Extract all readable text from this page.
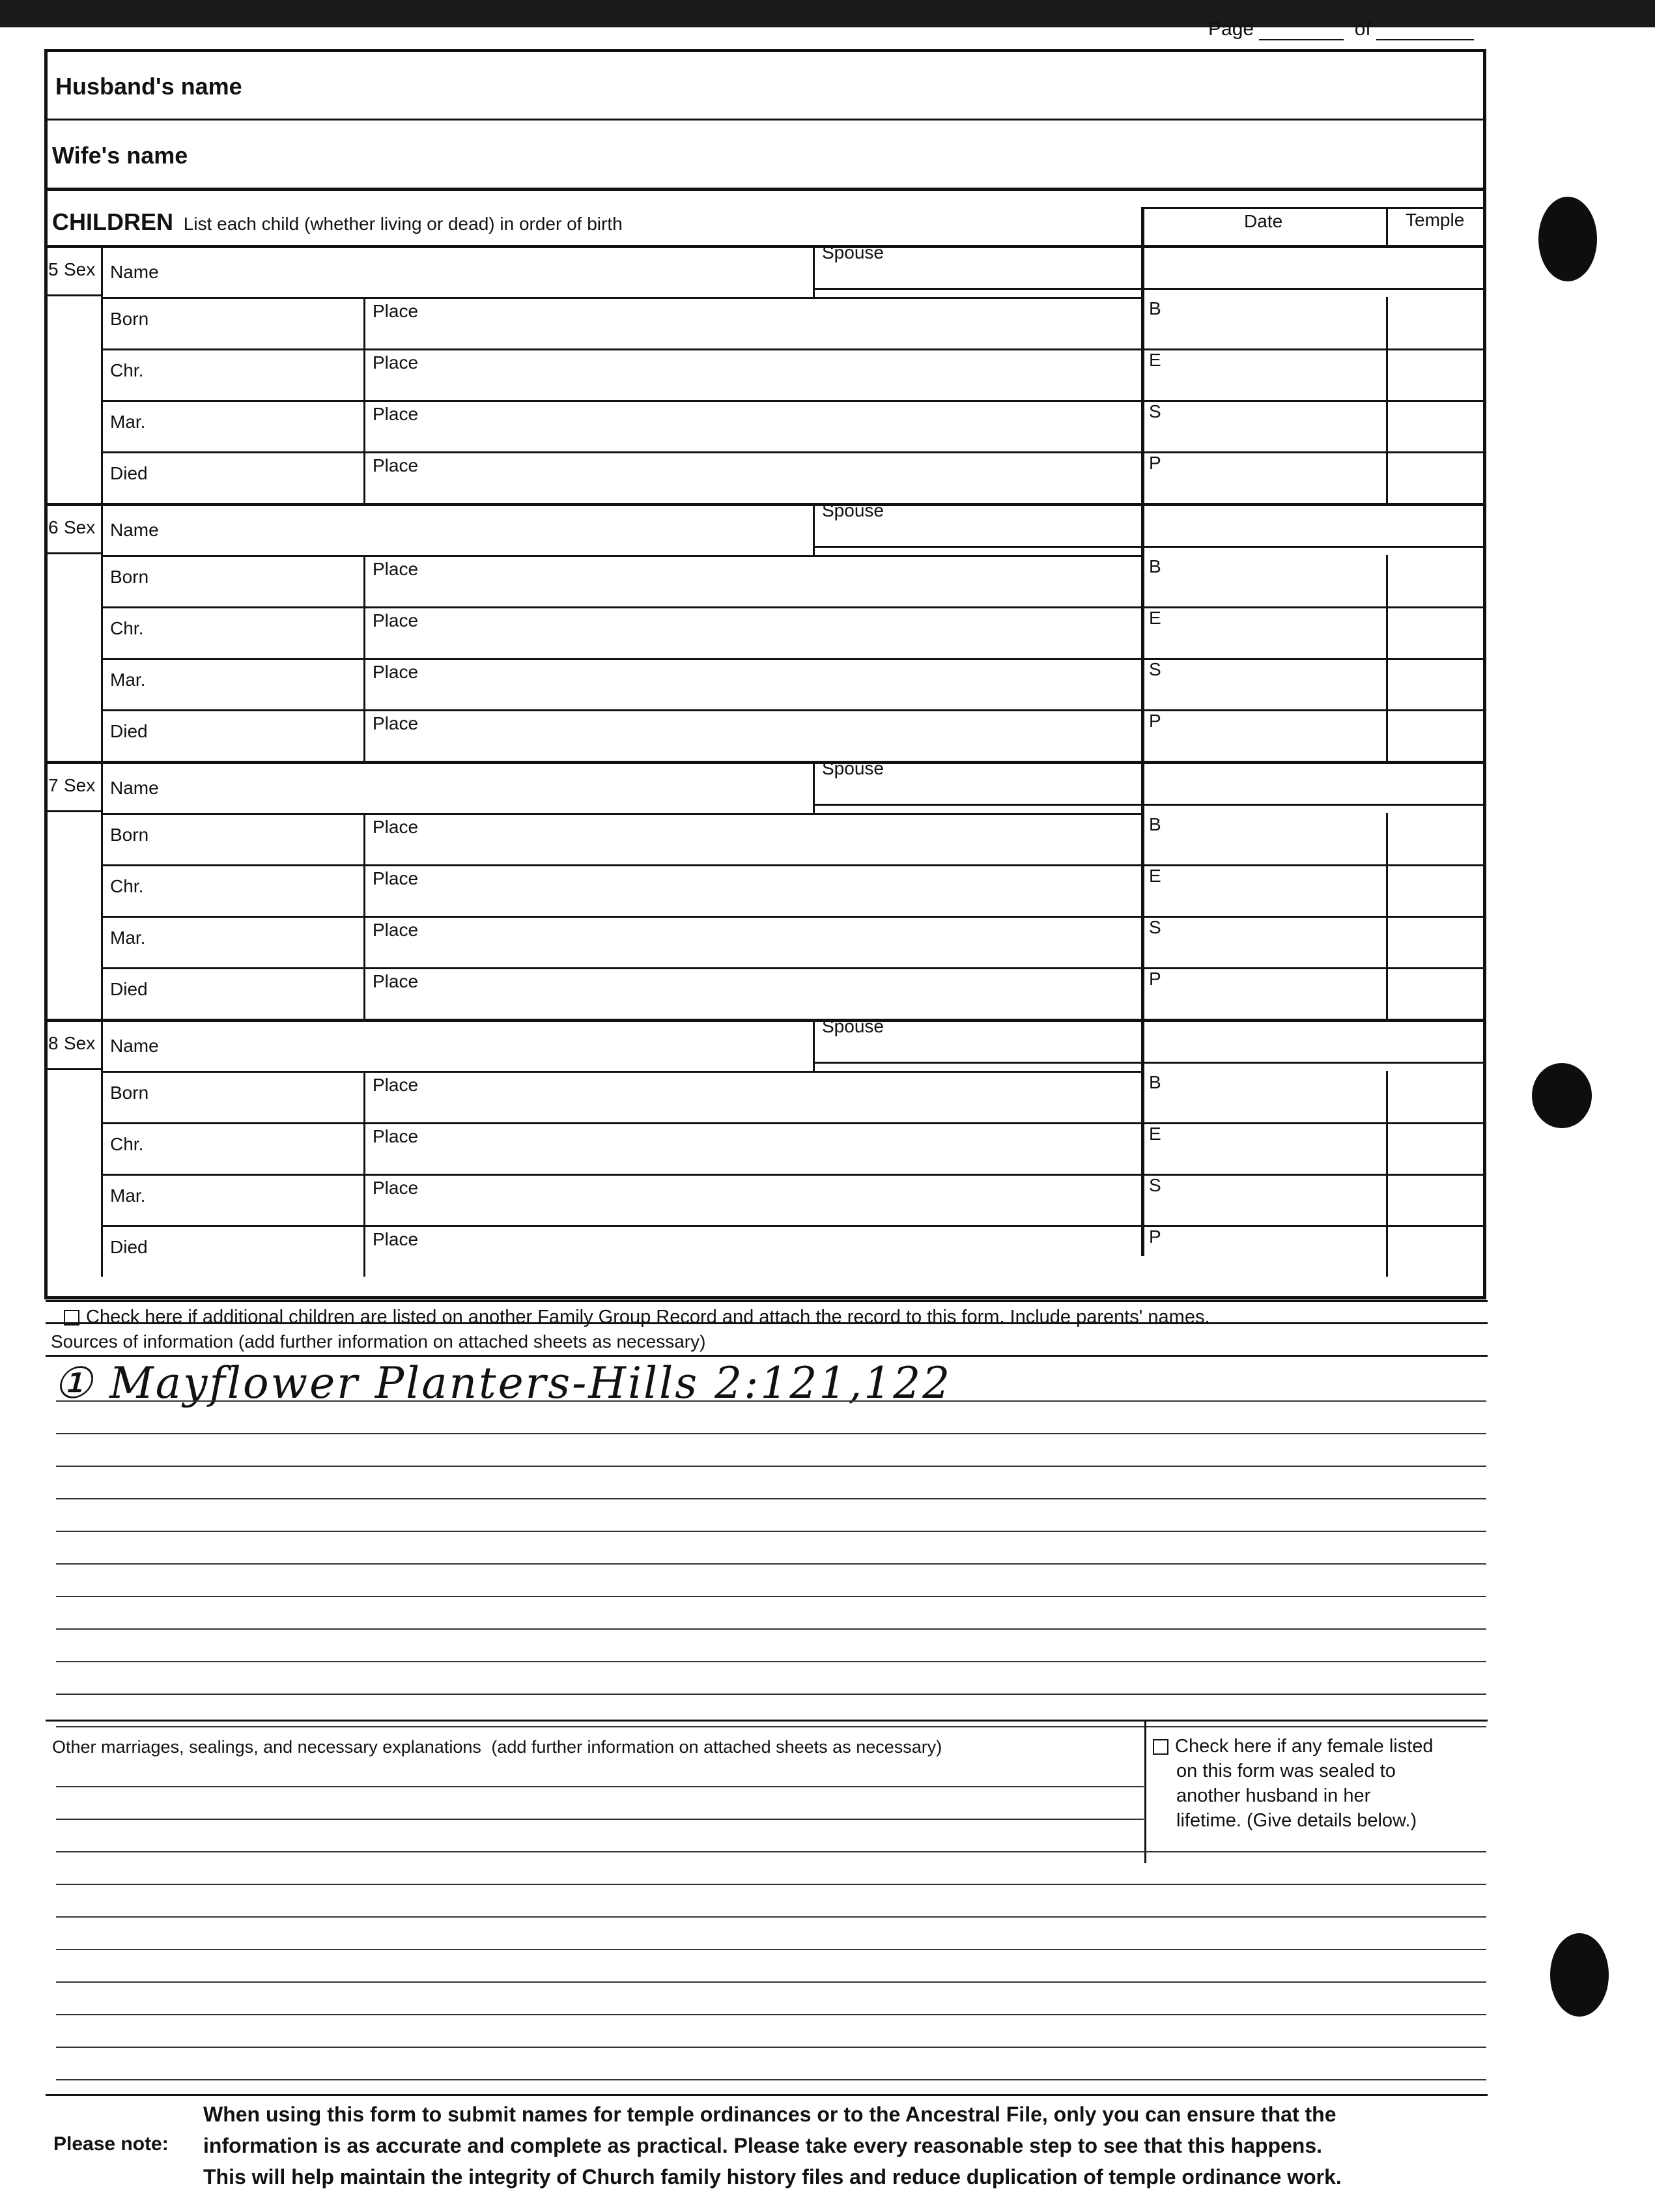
Page	of
Husband's name
Wife's name
CHILDREN List each child (whether living or dead) in order of birth	Date	Temple
5 Sex Name
Spouse
Born	Place	B
Chr.	Place	E
Mar.	Place	S
Died	Place	P
6 Sex Name
Spouse
Born	Place	B
Chr.	Place	E
Mar.	Place	S
Died	Place	P
7 Sex Name
Spouse
Born	Place	B
Chr.	Place	E
Mar.	Place	S
Died	Place	P
8 Sex Name
Spouse
Born	Place	B
Chr.	Place	E
Mar.	Place	S
Died	Place	P
Check here if additional children are listed on another Family Group Record and attach the record to this form. Include parents' names.
Sources of information (add further information on attached sheets as necessary)
① Mayflower Planters-Hills 2:121,122
Other marriages, sealings, and necessary explanations (add further information on attached sheets as necessary)	Check here if any female listed
on this form was sealed to
another husband in her
lifetime. (Give details below.)
Please note:
When using this form to submit names for temple ordinances or to the Ancestral File, only you can ensure that the
information is as accurate and complete as practical. Please take every reasonable step to see that this happens.
This will help maintain the integrity of Church family history files and reduce duplication of temple ordinance work.
